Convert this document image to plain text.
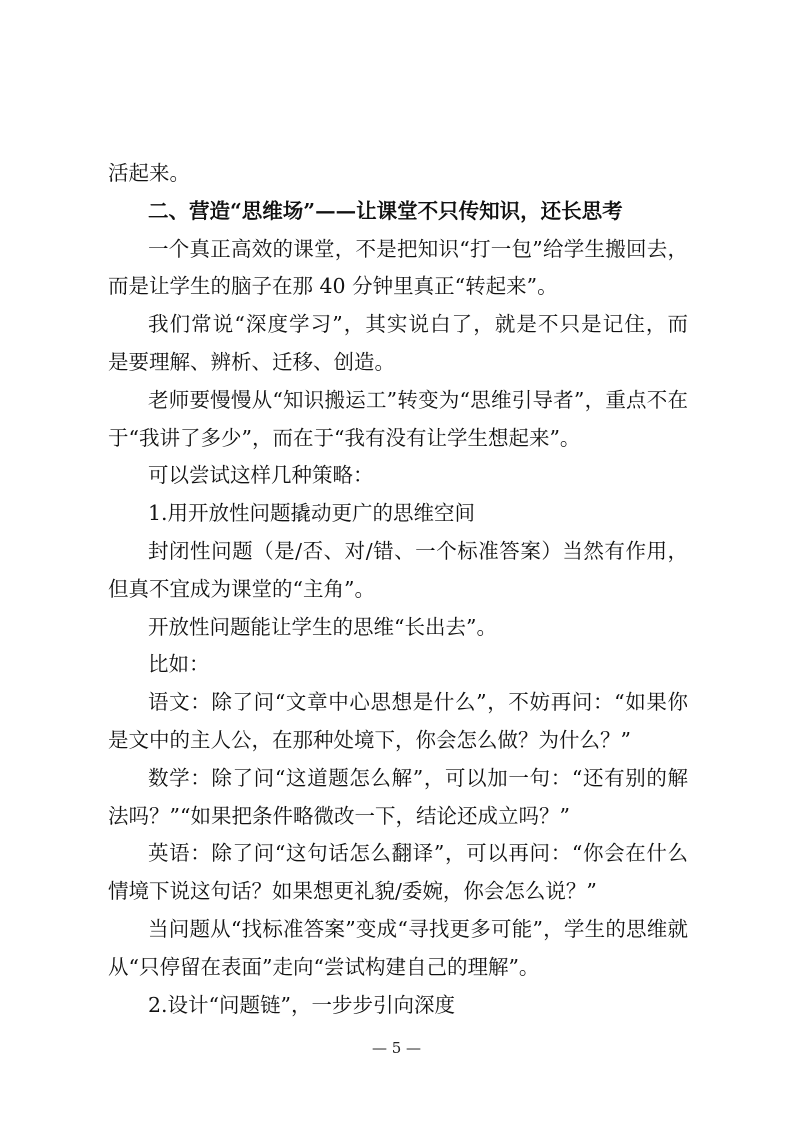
活起来。
二、营造“思维场”——让课堂不只传知识，还长思考
一个真正高效的课堂，不是把知识“打一包”给学生搬回去，
而是让学生的脑子在那 40 分钟里真正“转起来”。
我们常说“深度学习”，其实说白了，就是不只是记住，而
是要理解、辨析、迁移、创造。
老师要慢慢从“知识搬运工”转变为“思维引导者”，重点不在
于“我讲了多少”，而在于“我有没有让学生想起来”。
可以尝试这样几种策略：
1.用开放性问题撬动更广的思维空间
封闭性问题（是/否、对/错、一个标准答案）当然有作用，
但真不宜成为课堂的“主角”。
开放性问题能让学生的思维“长出去”。
比如：
语文：除了问“文章中心思想是什么”，不妨再问：“如果你
是文中的主人公，在那种处境下，你会怎么做？为什么？”
数学：除了问“这道题怎么解”，可以加一句：“还有别的解
法吗？”“如果把条件略微改一下，结论还成立吗？”
英语：除了问“这句话怎么翻译”，可以再问：“你会在什么
情境下说这句话？如果想更礼貌/委婉，你会怎么说？”
当问题从“找标准答案”变成“寻找更多可能”，学生的思维就
从“只停留在表面”走向“尝试构建自己的理解”。
2.设计“问题链”，一步步引向深度
— 5 —
